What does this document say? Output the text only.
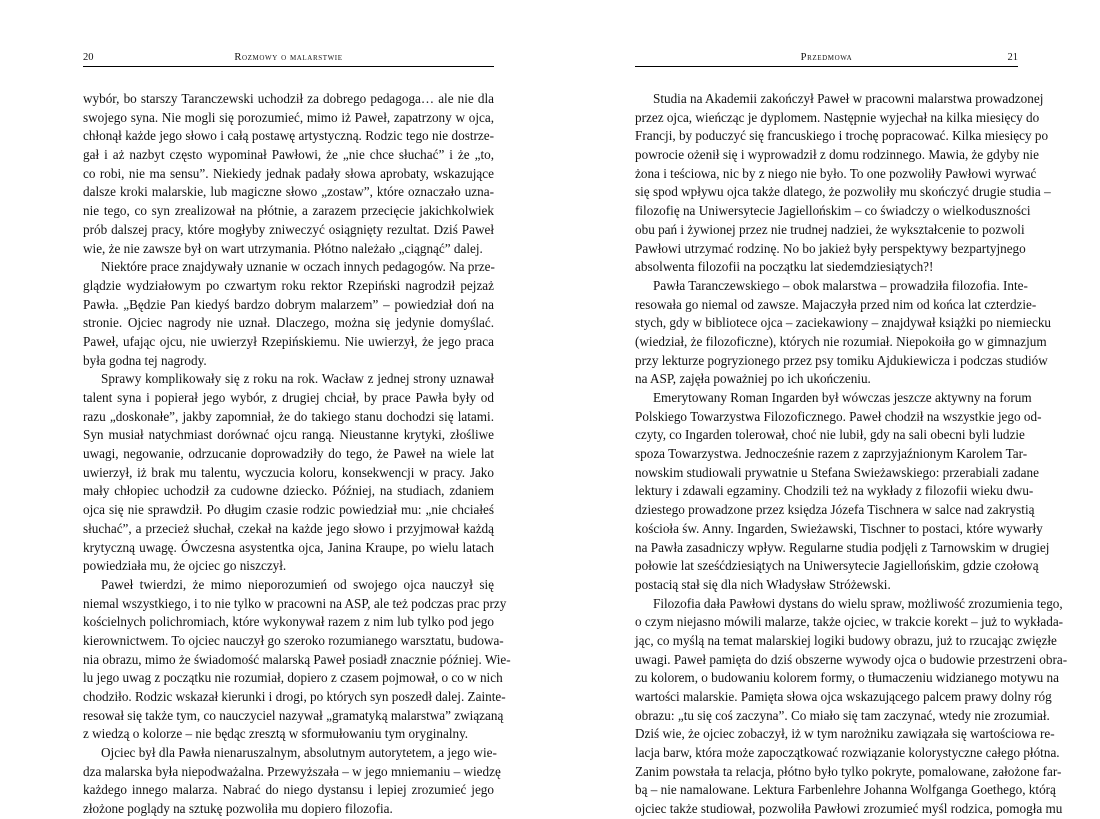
20	Rozmowy o malarstwie
wybór, bo starszy Taranczewski uchodził za dobrego pedagoga… ale nie dla
swojego syna. Nie mogli się porozumieć, mimo iż Paweł, zapatrzony w ojca,
chłonął każde jego słowo i całą postawę artystyczną. Rodzic tego nie dostrze-
gał i aż nazbyt często wypominał Pawłowi, że „nie chce słuchać” i że „to,
co robi, nie ma sensu”. Niekiedy jednak padały słowa aprobaty, wskazujące
dalsze kroki malarskie, lub magiczne słowo „zostaw”, które oznaczało uzna-
nie tego, co syn zrealizował na płótnie, a zarazem przecięcie jakichkolwiek
prób dalszej pracy, które mogłyby zniweczyć osiągnięty rezultat. Dziś Paweł
wie, że nie zawsze był on wart utrzymania. Płótno należało „ciągnąć” dalej.
Niektóre prace znajdywały uznanie w oczach innych pedagogów. Na prze-
glądzie wydziałowym po czwartym roku rektor Rzepiński nagrodził pejzaż
Pawła. „Będzie Pan kiedyś bardzo dobrym malarzem” – powiedział doń na
stronie. Ojciec nagrody nie uznał. Dlaczego, można się jedynie domyślać.
Paweł, ufając ojcu, nie uwierzył Rzepińskiemu. Nie uwierzył, że jego praca
była godna tej nagrody.
Sprawy komplikowały się z roku na rok. Wacław z jednej strony uznawał
talent syna i popierał jego wybór, z drugiej chciał, by prace Pawła były od
razu „doskonałe”, jakby zapomniał, że do takiego stanu dochodzi się latami.
Syn musiał natychmiast dorównać ojcu rangą. Nieustanne krytyki, złośliwe
uwagi, negowanie, odrzucanie doprowadziły do tego, że Paweł na wiele lat
uwierzył, iż brak mu talentu, wyczucia koloru, konsekwencji w pracy. Jako
mały chłopiec uchodził za cudowne dziecko. Później, na studiach, zdaniem
ojca się nie sprawdził. Po długim czasie rodzic powiedział mu: „nie chciałeś
słuchać”, a przecież słuchał, czekał na każde jego słowo i przyjmował każdą
krytyczną uwagę. Ówczesna asystentka ojca, Janina Kraupe, po wielu latach
powiedziała mu, że ojciec go niszczył.
Paweł twierdzi, że mimo nieporozumień od swojego ojca nauczył się
niemal wszystkiego, i to nie tylko w pracowni na ASP, ale też podczas prac przy
kościelnych polichromiach, które wykonywał razem z nim lub tylko pod jego
kierownictwem. To ojciec nauczył go szeroko rozumianego warsztatu, budowa-
nia obrazu, mimo że świadomość malarską Paweł posiadł znacznie później. Wie-
lu jego uwag z początku nie rozumiał, dopiero z czasem pojmował, o co w nich
chodziło. Rodzic wskazał kierunki i drogi, po których syn poszedł dalej. Zainte-
resował się także tym, co nauczyciel nazywał „gramatyką malarstwa” związaną
z wiedzą o kolorze – nie będąc zresztą w sformułowaniu tym oryginalny.
Ojciec był dla Pawła nienaruszalnym, absolutnym autorytetem, a jego wie-
dza malarska była niepodważalna. Przewyższała – w jego mniemaniu – wiedzę
każdego innego malarza. Nabrać do niego dystansu i lepiej zrozumieć jego
złożone poglądy na sztukę pozwoliła mu dopiero filozofia.
Przedmowa	21
Studia na Akademii zakończył Paweł w pracowni malarstwa prowadzonej
przez ojca, wieńcząc je dyplomem. Następnie wyjechał na kilka miesięcy do
Francji, by poduczyć się francuskiego i trochę popracować. Kilka miesięcy po
powrocie ożenił się i wyprowadził z domu rodzinnego. Mawia, że gdyby nie
żona i teściowa, nic by z niego nie było. To one pozwoliły Pawłowi wyrwać
się spod wpływu ojca także dlatego, że pozwoliły mu skończyć drugie studia –
filozofię na Uniwersytecie Jagiellońskim – co świadczy o wielkoduszności
obu pań i żywionej przez nie trudnej nadziei, że wykształcenie to pozwoli
Pawłowi utrzymać rodzinę. No bo jakież były perspektywy bezpartyjnego
absolwenta filozofii na początku lat siedemdziesiątych?!
Pawła Taranczewskiego – obok malarstwa – prowadziła filozofia. Inte-
resowała go niemal od zawsze. Majaczyła przed nim od końca lat czterdzie-
stych, gdy w bibliotece ojca – zaciekawiony – znajdywał książki po niemiecku
(wiedział, że filozoficzne), których nie rozumiał. Niepokoiła go w gimnazjum
przy lekturze pogryzionego przez psy tomiku Ajdukiewicza i podczas studiów
na ASP, zajęła poważniej po ich ukończeniu.
Emerytowany Roman Ingarden był wówczas jeszcze aktywny na forum
Polskiego Towarzystwa Filozoficznego. Paweł chodził na wszystkie jego od-
czyty, co Ingarden tolerował, choć nie lubił, gdy na sali obecni byli ludzie
spoza Towarzystwa. Jednocześnie razem z zaprzyjaźnionym Karolem Tar-
nowskim studiowali prywatnie u Stefana Swieżawskiego: przerabiali zadane
lektury i zdawali egzaminy. Chodzili też na wykłady z filozofii wieku dwu-
dziestego prowadzone przez księdza Józefa Tischnera w salce nad zakrystią
kościoła św. Anny. Ingarden, Swieżawski, Tischner to postaci, które wywarły
na Pawła zasadniczy wpływ. Regularne studia podjęli z Tarnowskim w drugiej
połowie lat sześćdziesiątych na Uniwersytecie Jagiellońskim, gdzie czołową
postacią stał się dla nich Władysław Stróżewski.
Filozofia dała Pawłowi dystans do wielu spraw, możliwość zrozumienia tego,
o czym niejasno mówili malarze, także ojciec, w trakcie korekt – już to wykłada-
jąc, co myślą na temat malarskiej logiki budowy obrazu, już to rzucając zwięzłe
uwagi. Paweł pamięta do dziś obszerne wywody ojca o budowie przestrzeni obra-
zu kolorem, o budowaniu kolorem formy, o tłumaczeniu widzianego motywu na
wartości malarskie. Pamięta słowa ojca wskazującego palcem prawy dolny róg
obrazu: „tu się coś zaczyna”. Co miało się tam zaczynać, wtedy nie zrozumiał.
Dziś wie, że ojciec zobaczył, iż w tym narożniku zawiązała się wartościowa re-
lacja barw, która może zapoczątkować rozwiązanie kolorystyczne całego płótna.
Zanim powstała ta relacja, płótno było tylko pokryte, pomalowane, założone far-
bą – nie namalowane. Lektura Farbenlehre Johanna Wolfganga Goethego, którą
ojciec także studiował, pozwoliła Pawłowi zrozumieć myśl rodzica, pomogła mu
